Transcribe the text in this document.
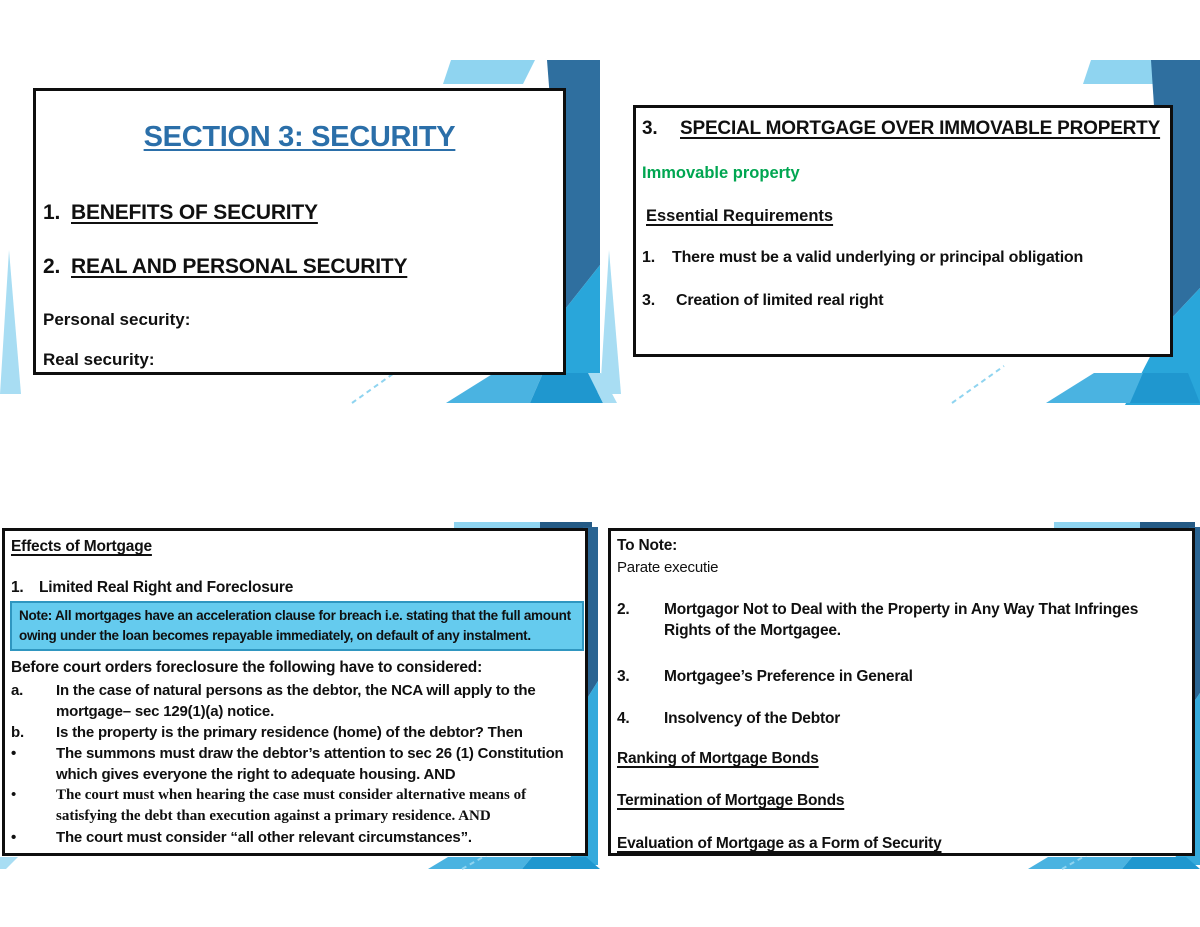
SECTION 3: SECURITY
1. BENEFITS OF SECURITY
2. REAL AND PERSONAL SECURITY
Personal security:
Real security:
3.	SPECIAL MORTGAGE OVER IMMOVABLE PROPERTY
Immovable property
Essential Requirements
1.	There must be a valid underlying or principal obligation
3.	Creation of limited real right
Effects of Mortgage
1. Limited Real Right and Foreclosure
Note: All mortgages have an acceleration clause for breach i.e. stating that the full amount owing under the loan becomes repayable immediately, on default of any instalment.
Before court orders foreclosure the following have to considered:
a.	In the case of natural persons as the debtor, the NCA will apply to the mortgage– sec 129(1)(a) notice.
b.	Is the property is the primary residence (home) of the debtor? Then
•	The summons must draw the debtor’s attention to sec 26 (1) Constitution which gives everyone the right to adequate housing. AND
•	The court must when hearing the case must consider alternative means of satisfying the debt than execution against a primary residence. AND
•	The court must consider “all other relevant circumstances”.
To Note:
Parate executie
2.	Mortgagor Not to Deal with the Property in Any Way That Infringes Rights of the Mortgagee.
3.	Mortgagee’s Preference in General
4.	Insolvency of the Debtor
Ranking of Mortgage Bonds
Termination of Mortgage Bonds
Evaluation of Mortgage as a Form of Security
